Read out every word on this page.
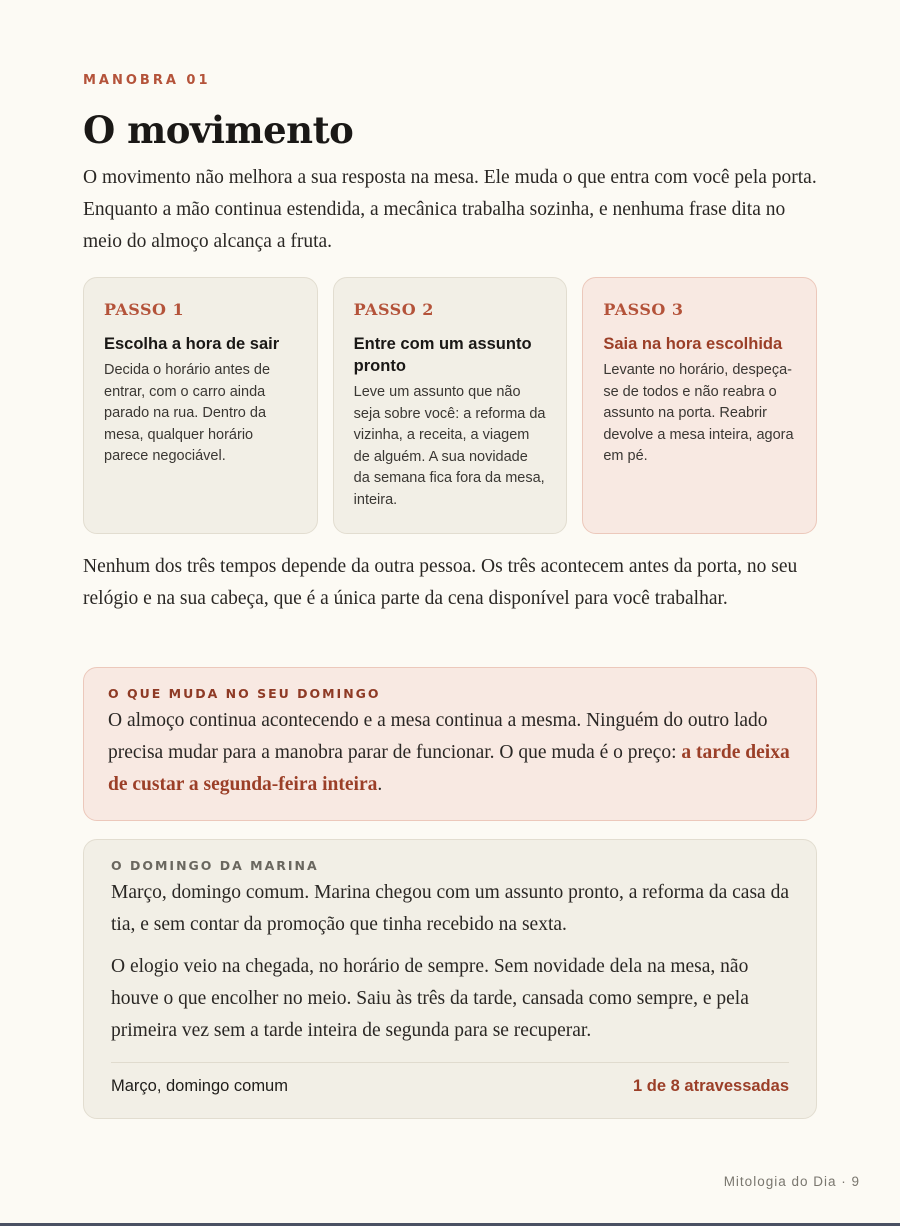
MANOBRA 01
O movimento

O movimento não melhora a sua resposta na mesa. Ele muda o que entra com você pela porta. Enquanto a mão continua estendida, a mecânica trabalha sozinha, e nenhuma frase dita no meio do almoço alcança a fruta.

PASSO 1
Escolha a hora de sair
Decida o horário antes de entrar, com o carro ainda parado na rua. Dentro da mesa, qualquer horário parece negociável.
PASSO 2
Entre com um assunto pronto
Leve um assunto que não seja sobre você: a reforma da vizinha, a receita, a viagem de alguém. A sua novidade da semana fica fora da mesa, inteira.
PASSO 3
Saia na hora escolhida
Levante no horário, despeça-se de todos e não reabra o assunto na porta. Reabrir devolve a mesa inteira, agora em pé.

Nenhum dos três tempos depende da outra pessoa. Os três acontecem antes da porta, no seu relógio e na sua cabeça, que é a única parte da cena disponível para você trabalhar.

O QUE MUDA NO SEU DOMINGO

O almoço continua acontecendo e a mesa continua a mesma. Ninguém do outro lado precisa mudar para a manobra parar de funcionar. O que muda é o preço: a tarde deixa de custar a segunda-feira inteira.

O DOMINGO DA MARINA

Março, domingo comum. Marina chegou com um assunto pronto, a reforma da casa da tia, e sem contar da promoção que tinha recebido na sexta.

O elogio veio na chegada, no horário de sempre. Sem novidade dela na mesa, não houve o que encolher no meio. Saiu às três da tarde, cansada como sempre, e pela primeira vez sem a tarde inteira de segunda para se recuperar.

Março, domingo comum	1 de 8 atravessadas
Mitologia do Dia · 9
